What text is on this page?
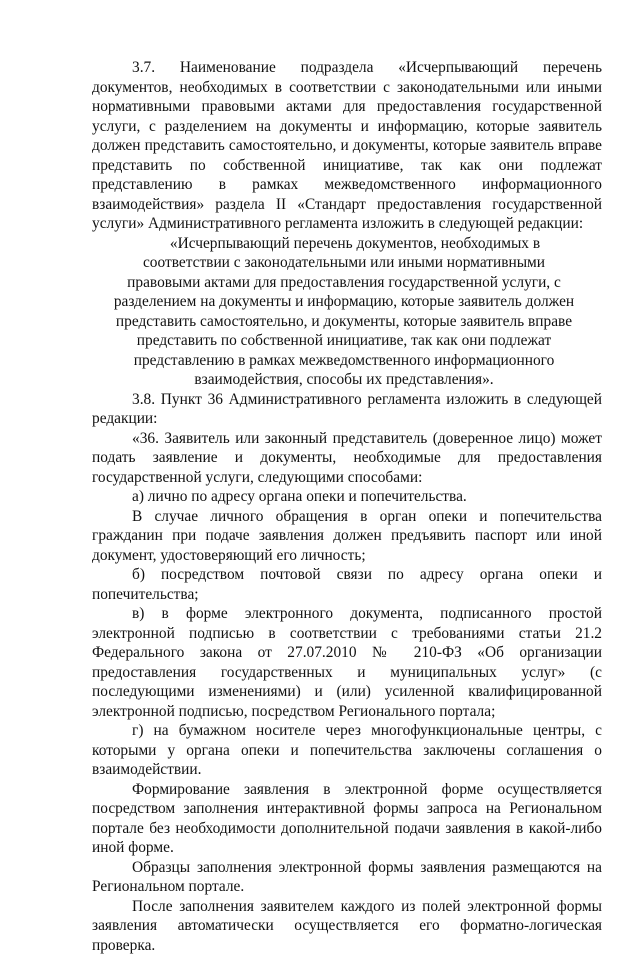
3.7. Наименование подраздела «Исчерпывающий перечень документов, необходимых в соответствии с законодательными или иными нормативными правовыми актами для предоставления государственной услуги, с разделением на документы и информацию, которые заявитель должен представить самостоятельно, и документы, которые заявитель вправе представить по собственной инициативе, так как они подлежат представлению в рамках межведомственного информационного взаимодействия» раздела II «Стандарт предоставления государственной услуги» Административного регламента изложить в следующей редакции:

«Исчерпывающий перечень документов, необходимых в соответствии с законодательными или иными нормативными правовыми актами для предоставления государственной услуги, с разделением на документы и информацию, которые заявитель должен представить самостоятельно, и документы, которые заявитель вправе представить по собственной инициативе, так как они подлежат представлению в рамках межведомственного информационного взаимодействия, способы их представления».

3.8. Пункт 36 Административного регламента изложить в следующей редакции:

«36. Заявитель или законный представитель (доверенное лицо) может подать заявление и документы, необходимые для предоставления государственной услуги, следующими способами:

а) лично по адресу органа опеки и попечительства.

В случае личного обращения в орган опеки и попечительства гражданин при подаче заявления должен предъявить паспорт или иной документ, удостоверяющий его личность;

б) посредством почтовой связи по адресу органа опеки и попечительства;

в) в форме электронного документа, подписанного простой электронной подписью в соответствии с требованиями статьи 21.2 Федерального закона от 27.07.2010 № 210-ФЗ «Об организации предоставления государственных и муниципальных услуг» (с последующими изменениями) и (или) усиленной квалифицированной электронной подписью, посредством Регионального портала;

г) на бумажном носителе через многофункциональные центры, с которыми у органа опеки и попечительства заключены соглашения о взаимодействии.

Формирование заявления в электронной форме осуществляется посредством заполнения интерактивной формы запроса на Региональном портале без необходимости дополнительной подачи заявления в какой-либо иной форме.

Образцы заполнения электронной формы заявления размещаются на Региональном портале.

После заполнения заявителем каждого из полей электронной формы заявления автоматически осуществляется его форматно-логическая проверка.
